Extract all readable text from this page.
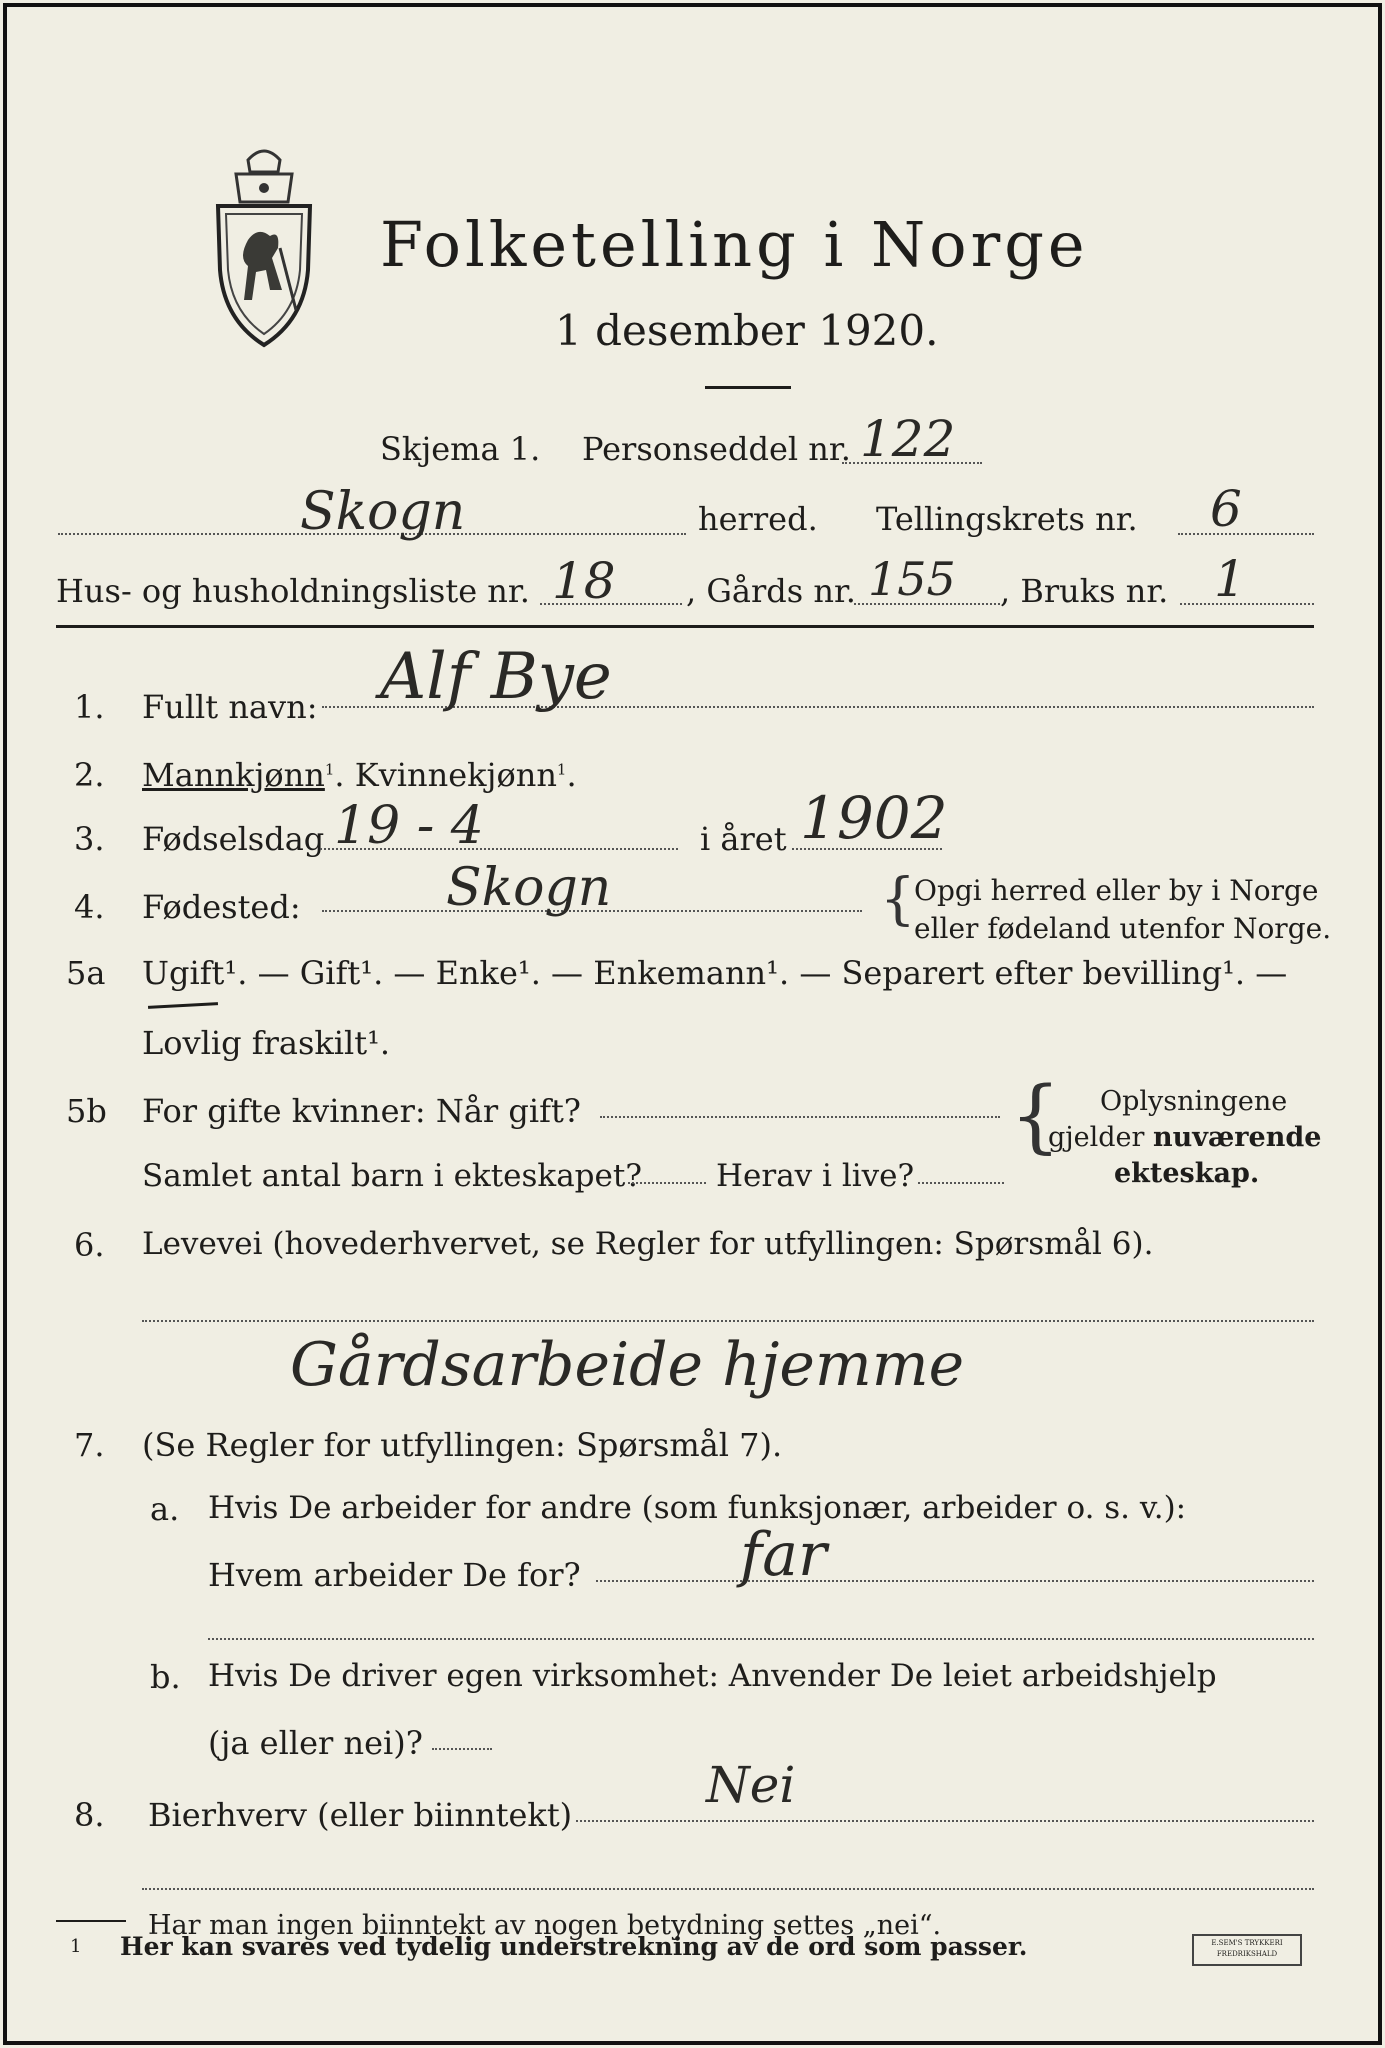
Folketelling i Norge
1 desember 1920.
Skjema 1. Personseddel nr. 122
Skogn	herred. Tellingskrets nr. 6
Hus- og husholdningsliste nr. 18 , Gårds nr. 155 , Bruks nr. 1
1. Fullt navn: Alf Bye
2. Mannkjønn$^1$. Kvinnekjønn$^1$.
3. Fødselsdag 19 - 4	i året 1902
4. Fødested:	Skogn	{
Opgi herred eller by i Norge
eller fødeland utenfor Norge.
5a Ugift¹. — Gift¹. — Enke¹. — Enkemann¹. — Separert efter bevilling¹. —
Lovlig fraskilt¹.
5b For gifte kvinner: Når gift?
Samlet antal barn i ekteskapet? Herav i live?
{ Oplysningene
gjelder nuværende
ekteskap.
6. Levevei (hovederhvervet, se Regler for utfyllingen: Spørsmål 6).
Gårdsarbeide hjemme
7. (Se Regler for utfyllingen: Spørsmål 7).
a. Hvis De arbeider for andre (som funksjonær, arbeider o. s. v.):
Hvem arbeider De for?	far
b. Hvis De driver egen virksomhet: Anvender De leiet arbeidshjelp
(ja eller nei)?
8. Bierhverv (eller biinntekt)
Nei
Har man ingen biinntekt av nogen betydning settes „nei“.
1 Her kan svares ved tydelig understrekning av de ord som passer.	E.SEM'S TRYKKERI
FREDRIKSHALD
